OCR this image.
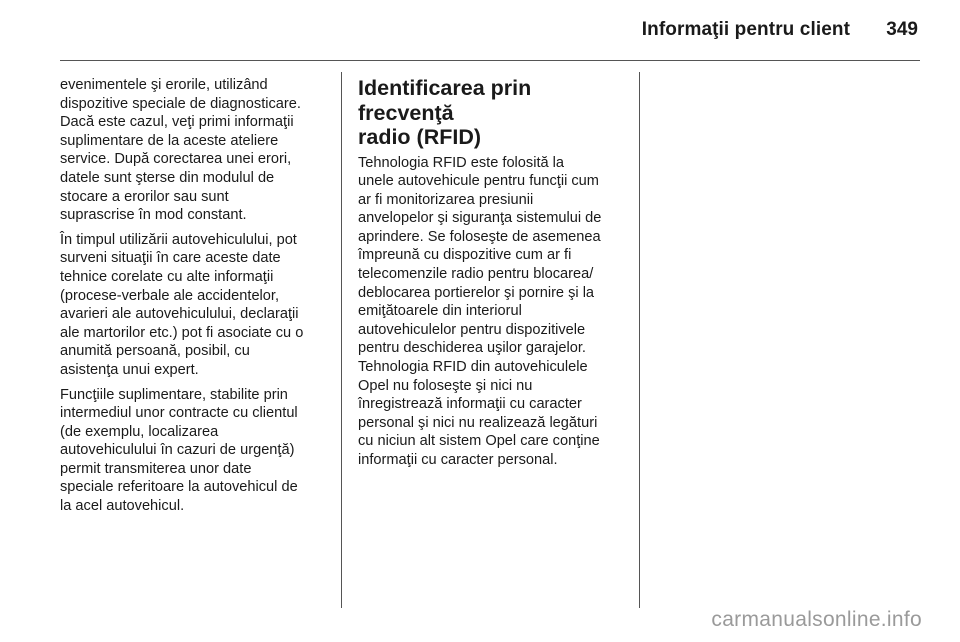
Informaţii pentru client 349

evenimentele şi erorile, utilizând
dispozitive speciale de diagnosticare.
Dacă este cazul, veţi primi informaţii
suplimentare de la aceste ateliere
service. După corectarea unei erori,
datele sunt şterse din modulul de
stocare a erorilor sau sunt
suprascrise în mod constant.

În timpul utilizării autovehiculului, pot
surveni situaţii în care aceste date
tehnice corelate cu alte informaţii
(procese-verbale ale accidentelor,
avarieri ale autovehiculului, declaraţii
ale martorilor etc.) pot fi asociate cu o
anumită persoană, posibil, cu
asistenţa unui expert.

Funcţiile suplimentare, stabilite prin
intermediul unor contracte cu clientul
(de exemplu, localizarea
autovehiculului în cazuri de urgenţă)
permit transmiterea unor date
speciale referitoare la autovehicul de
la acel autovehicul.

Identificarea prin frecvenţă
radio (RFID)

Tehnologia RFID este folosită la
unele autovehicule pentru funcţii cum
ar fi monitorizarea presiunii
anvelopelor şi siguranţa sistemului de
aprindere. Se foloseşte de asemenea
împreună cu dispozitive cum ar fi
telecomenzile radio pentru blocarea/
deblocarea portierelor şi pornire şi la
emiţătoarele din interiorul
autovehiculelor pentru dispozitivele
pentru deschiderea uşilor garajelor.
Tehnologia RFID din autovehiculele
Opel nu foloseşte şi nici nu
înregistrează informaţii cu caracter
personal şi nici nu realizează legături
cu niciun alt sistem Opel care conţine
informaţii cu caracter personal.

carmanualsonline.info
